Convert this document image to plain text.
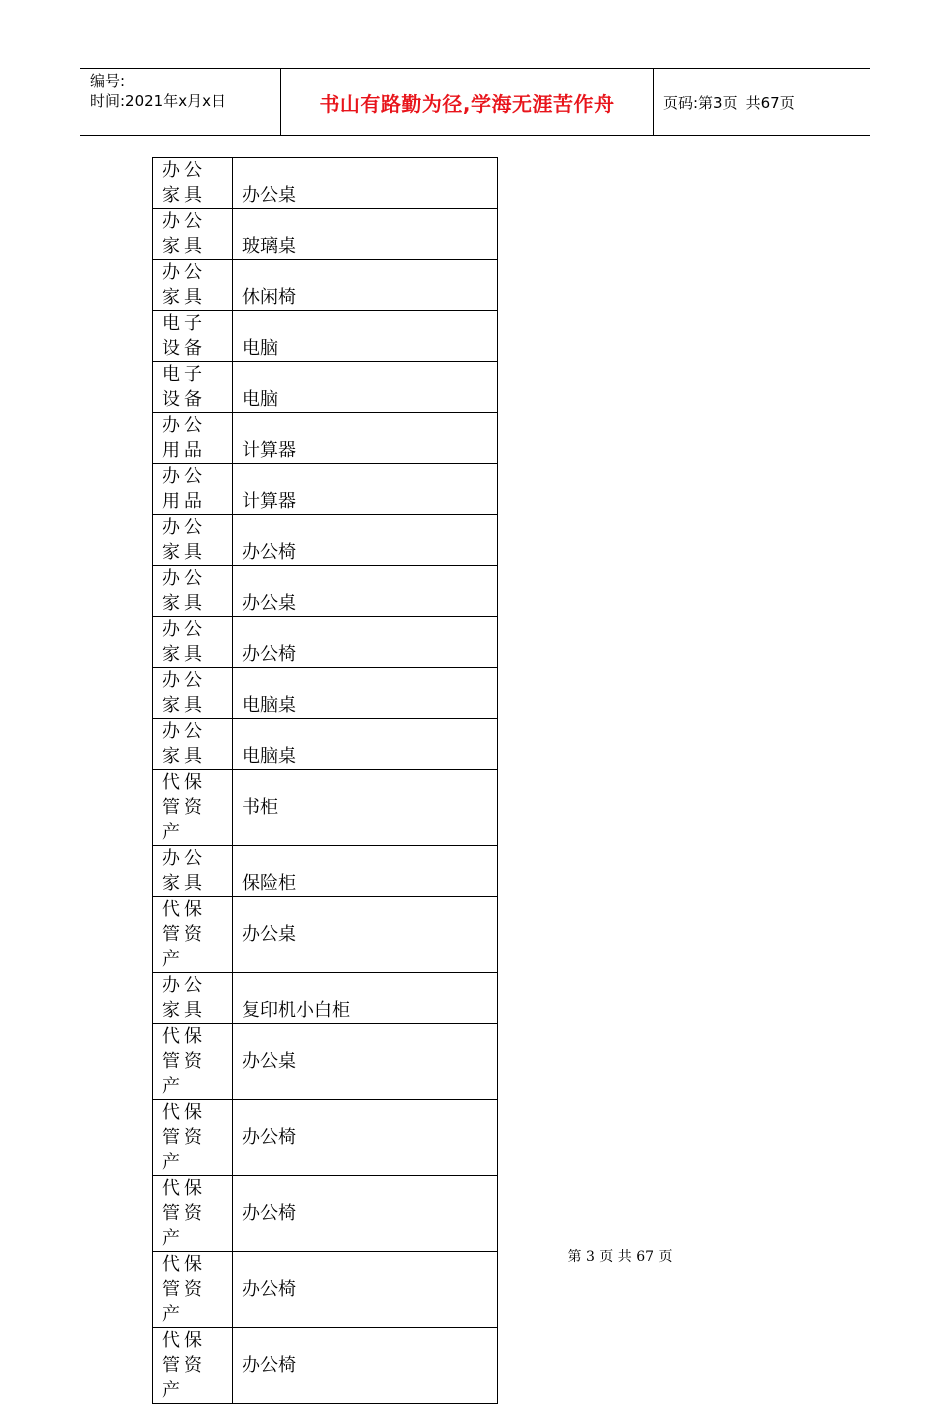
编号:
时间:2021年x月x日	书山有路勤为径,学海无涯苦作舟	页码:第3页 共67页
办公家具	办公桌
办公家具	玻璃桌
办公家具	休闲椅
电子设备	电脑
电子设备	电脑
办公用品	计算器
办公用品	计算器
办公家具	办公椅
办公家具	办公桌
办公家具	办公椅
办公家具	电脑桌
办公家具	电脑桌
代保管资产	书柜
办公家具	保险柜
代保管资产	办公桌
办公家具	复印机小白柜
代保管资产	办公桌
代保管资产	办公椅
代保管资产	办公椅
代保管资产	办公椅
代保管资产	办公椅
第 3 页 共 67 页
